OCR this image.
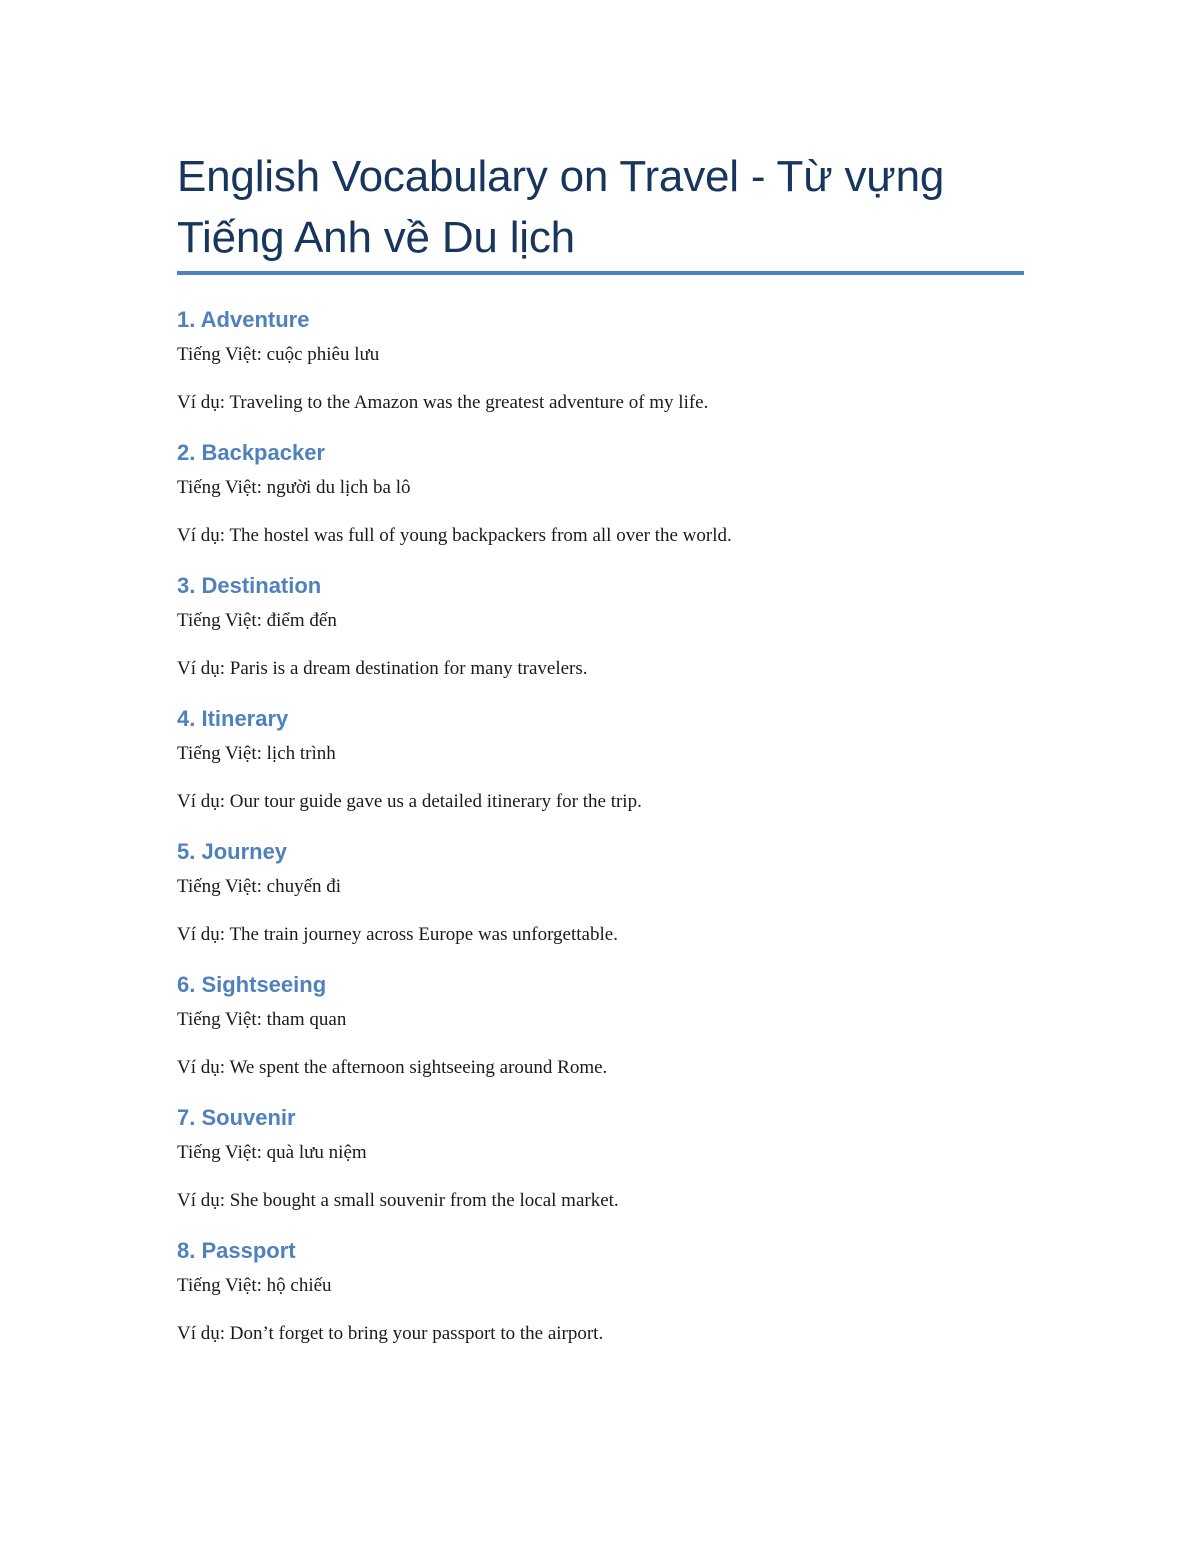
English Vocabulary on Travel - Từ vựng
Tiếng Anh về Du lịch
1. Adventure
Tiếng Việt: cuộc phiêu lưu
Ví dụ: Traveling to the Amazon was the greatest adventure of my life.
2. Backpacker
Tiếng Việt: người du lịch ba lô
Ví dụ: The hostel was full of young backpackers from all over the world.
3. Destination
Tiếng Việt: điểm đến
Ví dụ: Paris is a dream destination for many travelers.
4. Itinerary
Tiếng Việt: lịch trình
Ví dụ: Our tour guide gave us a detailed itinerary for the trip.
5. Journey
Tiếng Việt: chuyến đi
Ví dụ: The train journey across Europe was unforgettable.
6. Sightseeing
Tiếng Việt: tham quan
Ví dụ: We spent the afternoon sightseeing around Rome.
7. Souvenir
Tiếng Việt: quà lưu niệm
Ví dụ: She bought a small souvenir from the local market.
8. Passport
Tiếng Việt: hộ chiếu
Ví dụ: Don’t forget to bring your passport to the airport.
